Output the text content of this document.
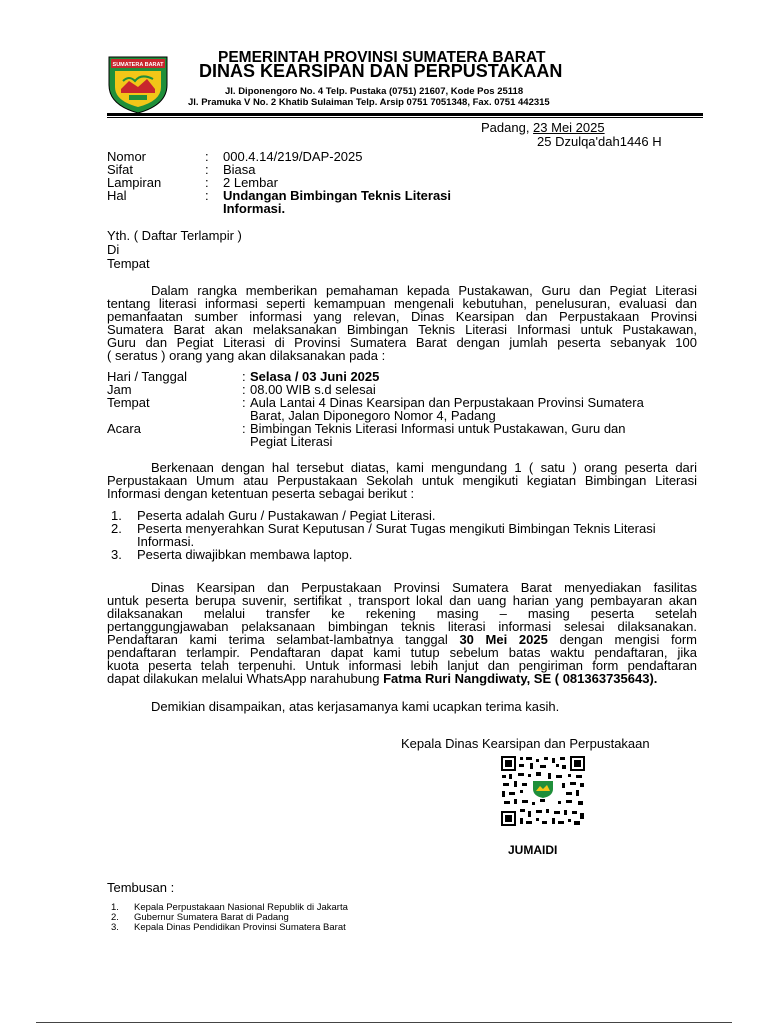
SUMATERA BARAT	PEMERINTAH PROVINSI SUMATERA BARAT
DINAS KEARSIPAN DAN PERPUSTAKAAN
Jl. Diponengoro No. 4 Telp. Pustaka (0751) 21607, Kode Pos 25118
Jl. Pramuka V No. 2 Khatib Sulaiman Telp. Arsip 0751 7051348, Fax. 0751 442315
Padang, 23 Mei 2025
25 Dzulqa'dah1446 H
Nomor	: 000.4.14/219/DAP-2025
Sifat	: Biasa
Lampiran	: 2 Lembar
Hal	: Undangan Bimbingan Teknis Literasi
Informasi.
Yth. ( Daftar Terlampir )
Di
Tempat
Dalam rangka memberikan pemahaman kepada Pustakawan, Guru dan Pegiat Literasi
tentang literasi informasi seperti kemampuan mengenali kebutuhan, penelusuran, evaluasi dan
pemanfaatan sumber informasi yang relevan, Dinas Kearsipan dan Perpustakaan Provinsi
Sumatera Barat akan melaksanakan Bimbingan Teknis Literasi Informasi untuk Pustakawan,
Guru dan Pegiat Literasi di Provinsi Sumatera Barat dengan jumlah peserta sebanyak 100
( seratus ) orang yang akan dilaksanakan pada :
Hari / Tanggal	: Selasa / 03 Juni 2025
Jam	: 08.00 WIB s.d selesai
Tempat	: Aula Lantai 4 Dinas Kearsipan dan Perpustakaan Provinsi Sumatera
Barat, Jalan Diponegoro Nomor 4, Padang
Acara	: Bimbingan Teknis Literasi Informasi untuk Pustakawan, Guru dan
Pegiat Literasi
Berkenaan dengan hal tersebut diatas, kami mengundang 1 ( satu ) orang peserta dari
Perpustakaan Umum atau Perpustakaan Sekolah untuk mengikuti kegiatan Bimbingan Literasi
Informasi dengan ketentuan peserta sebagai berikut :
1. Peserta adalah Guru / Pustakawan / Pegiat Literasi.
2. Peserta menyerahkan Surat Keputusan / Surat Tugas mengikuti Bimbingan Teknis Literasi
Informasi.
3. Peserta diwajibkan membawa laptop.
Dinas Kearsipan dan Perpustakaan Provinsi Sumatera Barat menyediakan fasilitas
untuk peserta berupa suvenir, sertifikat , transport lokal dan uang harian yang pembayaran akan
dilaksanakan melalui transfer ke rekening masing – masing peserta setelah
pertanggungjawaban pelaksanaan bimbingan teknis literasi informasi selesai dilaksanakan.
Pendaftaran kami terima selambat-lambatnya tanggal 30 Mei 2025 dengan mengisi form
pendaftaran terlampir. Pendaftaran dapat kami tutup sebelum batas waktu pendaftaran, jika
kuota peserta telah terpenuhi. Untuk informasi lebih lanjut dan pengiriman form pendaftaran
dapat dilakukan melalui WhatsApp narahubung Fatma Ruri Nangdiwaty, SE ( 081363735643).
Demikian disampaikan, atas kerjasamanya kami ucapkan terima kasih.
Kepala Dinas Kearsipan dan Perpustakaan
JUMAIDI
Tembusan :
1. Kepala Perpustakaan Nasional Republik di Jakarta
2. Gubernur Sumatera Barat di Padang
3. Kepala Dinas Pendidikan Provinsi Sumatera Barat
